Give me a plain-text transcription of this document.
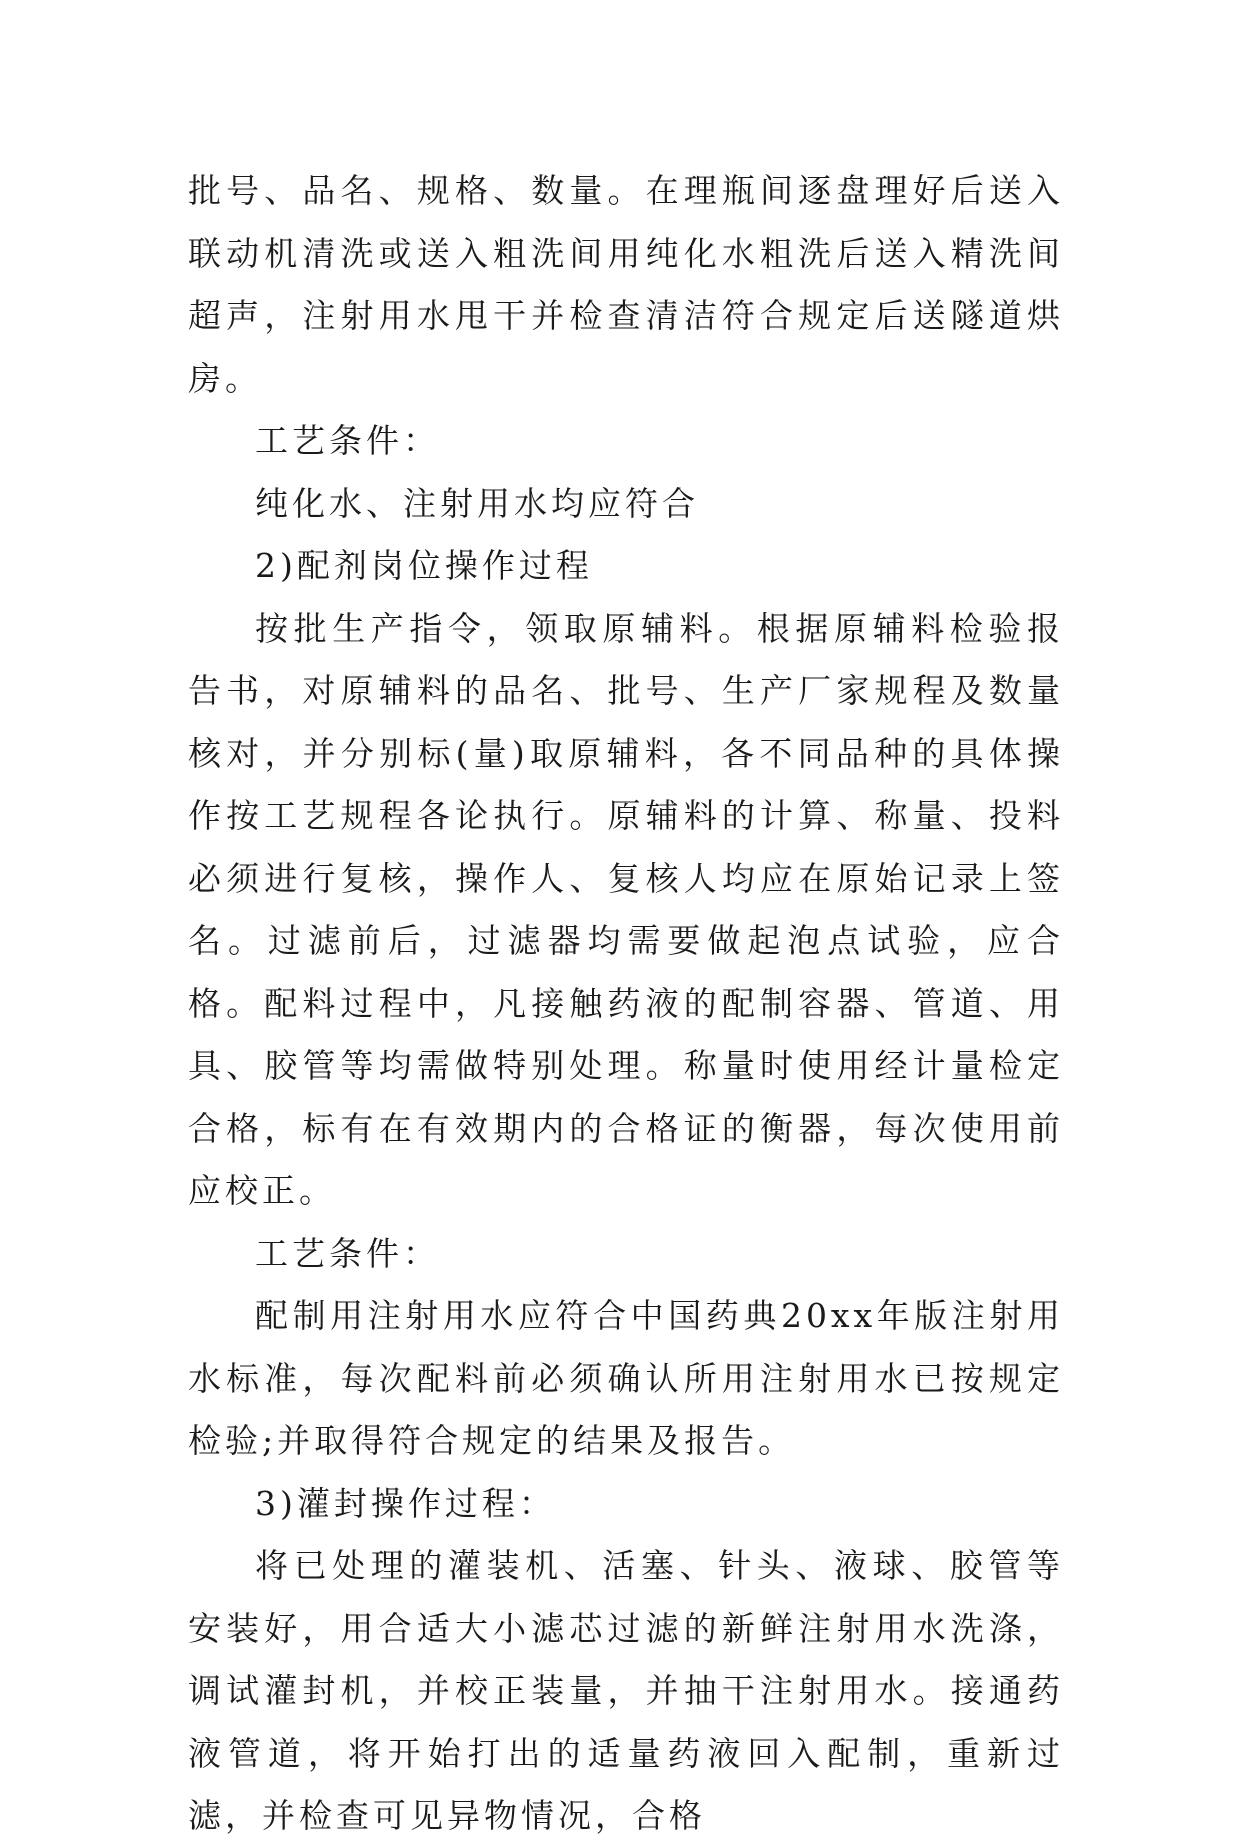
批号、品名、规格、数量。在理瓶间逐盘理好后送入联动机清洗或送入粗洗间用纯化水粗洗后送入精洗间超声，注射用水甩干并检查清洁符合规定后送隧道烘房。

工艺条件：

纯化水、注射用水均应符合

2)配剂岗位操作过程

按批生产指令，领取原辅料。根据原辅料检验报告书，对原辅料的品名、批号、生产厂家规程及数量核对，并分别标(量)取原辅料，各不同品种的具体操作按工艺规程各论执行。原辅料的计算、称量、投料必须进行复核，操作人、复核人均应在原始记录上签名。过滤前后，过滤器均需要做起泡点试验，应合格。配料过程中，凡接触药液的配制容器、管道、用具、胶管等均需做特别处理。称量时使用经计量检定合格，标有在有效期内的合格证的衡器，每次使用前应校正。

工艺条件：

配制用注射用水应符合中国药典20xx年版注射用水标准，每次配料前必须确认所用注射用水已按规定检验;并取得符合规定的结果及报告。

3)灌封操作过程：

将已处理的灌装机、活塞、针头、液球、胶管等安装好，用合适大小滤芯过滤的新鲜注射用水洗涤，调试灌封机，并校正装量，并抽干注射用水。接通药液管道，将开始打出的适量药液回入配制，重新过滤，并检查可见异物情况，合格
